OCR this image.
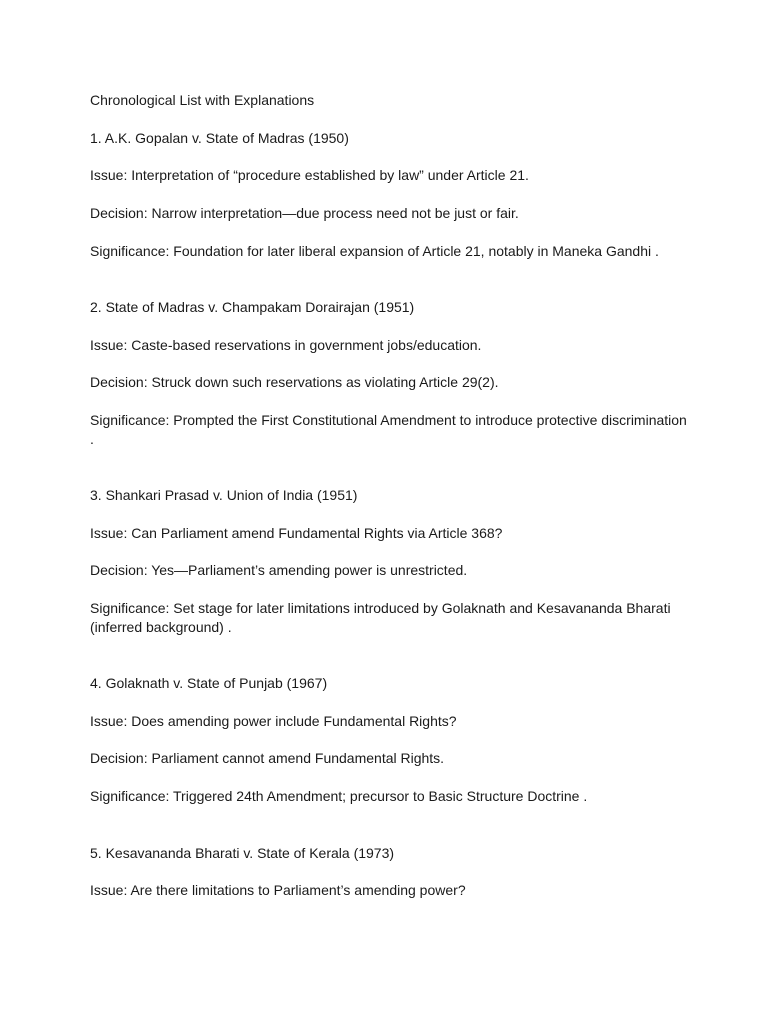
Chronological List with Explanations
1. A.K. Gopalan v. State of Madras (1950)
Issue: Interpretation of “procedure established by law” under Article 21.
Decision: Narrow interpretation—due process need not be just or fair.
Significance: Foundation for later liberal expansion of Article 21, notably in Maneka Gandhi .
2. State of Madras v. Champakam Dorairajan (1951)
Issue: Caste-based reservations in government jobs/education.
Decision: Struck down such reservations as violating Article 29(2).
Significance: Prompted the First Constitutional Amendment to introduce protective discrimination .
3. Shankari Prasad v. Union of India (1951)
Issue: Can Parliament amend Fundamental Rights via Article 368?
Decision: Yes—Parliament’s amending power is unrestricted.
Significance: Set stage for later limitations introduced by Golaknath and Kesavananda Bharati (inferred background) .
4. Golaknath v. State of Punjab (1967)
Issue: Does amending power include Fundamental Rights?
Decision: Parliament cannot amend Fundamental Rights.
Significance: Triggered 24th Amendment; precursor to Basic Structure Doctrine .
5. Kesavananda Bharati v. State of Kerala (1973)
Issue: Are there limitations to Parliament’s amending power?
